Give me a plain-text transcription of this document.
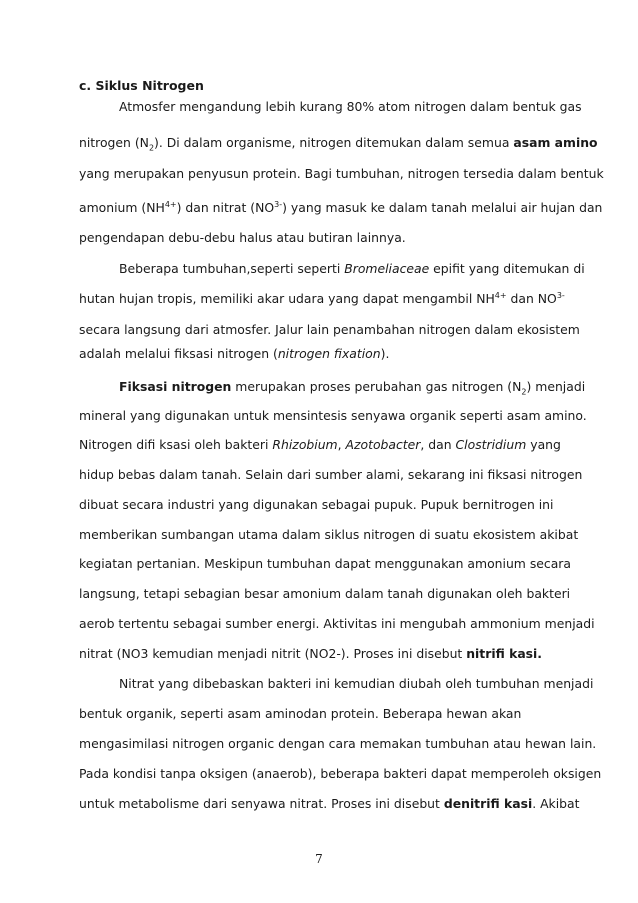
c. Siklus Nitrogen
Atmosfer mengandung lebih kurang 80% atom nitrogen dalam bentuk gas
nitrogen $(N_2)$. Di dalam organisme, nitrogen ditemukan dalam semua asam amino
yang merupakan penyusun protein. Bagi tumbuhan, nitrogen tersedia dalam bentuk
amonium $(NH^{4+})$ dan nitrat $(NO^{3-})$ yang masuk ke dalam tanah melalui air hujan dan
pengendapan debu-debu halus atau butiran lainnya.
Beberapa tumbuhan,seperti seperti Bromeliaceae epifit yang ditemukan di
hutan hujan tropis, memiliki akar udara yang dapat mengambil $NH^{4+}$ dan $NO^{3-}$
secara langsung dari atmosfer. Jalur lain penambahan nitrogen dalam ekosistem
adalah melalui fiksasi nitrogen (nitrogen fixation).
Fiksasi nitrogen merupakan proses perubahan gas nitrogen $(N_2)$ menjadi
mineral yang digunakan untuk mensintesis senyawa organik seperti asam amino.
Nitrogen difi ksasi oleh bakteri Rhizobium, Azotobacter, dan Clostridium yang
hidup bebas dalam tanah. Selain dari sumber alami, sekarang ini fiksasi nitrogen
dibuat secara industri yang digunakan sebagai pupuk. Pupuk bernitrogen ini
memberikan sumbangan utama dalam siklus nitrogen di suatu ekosistem akibat
kegiatan pertanian. Meskipun tumbuhan dapat menggunakan amonium secara
langsung, tetapi sebagian besar amonium dalam tanah digunakan oleh bakteri
aerob tertentu sebagai sumber energi. Aktivitas ini mengubah ammonium menjadi
nitrat (NO3 kemudian menjadi nitrit (NO2-). Proses ini disebut nitrifi kasi.
Nitrat yang dibebaskan bakteri ini kemudian diubah oleh tumbuhan menjadi
bentuk organik, seperti asam aminodan protein. Beberapa hewan akan
mengasimilasi nitrogen organic dengan cara memakan tumbuhan atau hewan lain.
Pada kondisi tanpa oksigen (anaerob), beberapa bakteri dapat memperoleh oksigen
untuk metabolisme dari senyawa nitrat. Proses ini disebut denitrifi kasi. Akibat
7
